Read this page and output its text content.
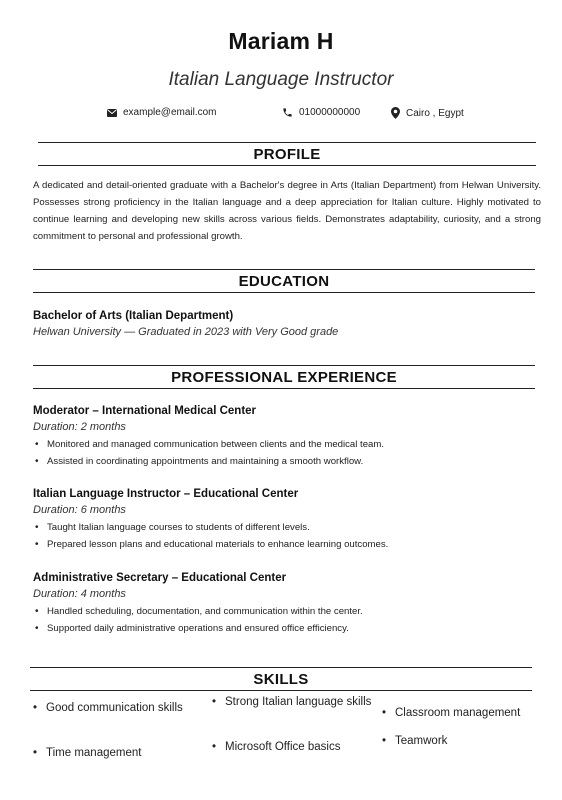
Mariam H
Italian Language Instructor
example@email.com	01000000000	Cairo , Egypt
PROFILE
A dedicated and detail-oriented graduate with a Bachelor's degree in Arts (Italian Department) from Helwan University. Possesses strong proficiency in the Italian language and a deep appreciation for Italian culture. Highly motivated to continue learning and developing new skills across various fields. Demonstrates adaptability, curiosity, and a strong commitment to personal and professional growth.
EDUCATION
Bachelor of Arts (Italian Department)
Helwan University — Graduated in 2023 with Very Good grade
PROFESSIONAL EXPERIENCE
Moderator – International Medical Center
Duration: 2 months
• Monitored and managed communication between clients and the medical team.
• Assisted in coordinating appointments and maintaining a smooth workflow.
Italian Language Instructor – Educational Center
Duration: 6 months
• Taught Italian language courses to students of different levels.
• Prepared lesson plans and educational materials to enhance learning outcomes.
Administrative Secretary – Educational Center
Duration: 4 months
• Handled scheduling, documentation, and communication within the center.
• Supported daily administrative operations and ensured office efficiency.
SKILLS
• Good communication skills
• Time management
• Strong Italian language skills
• Microsoft Office basics
• Classroom management
• Teamwork
